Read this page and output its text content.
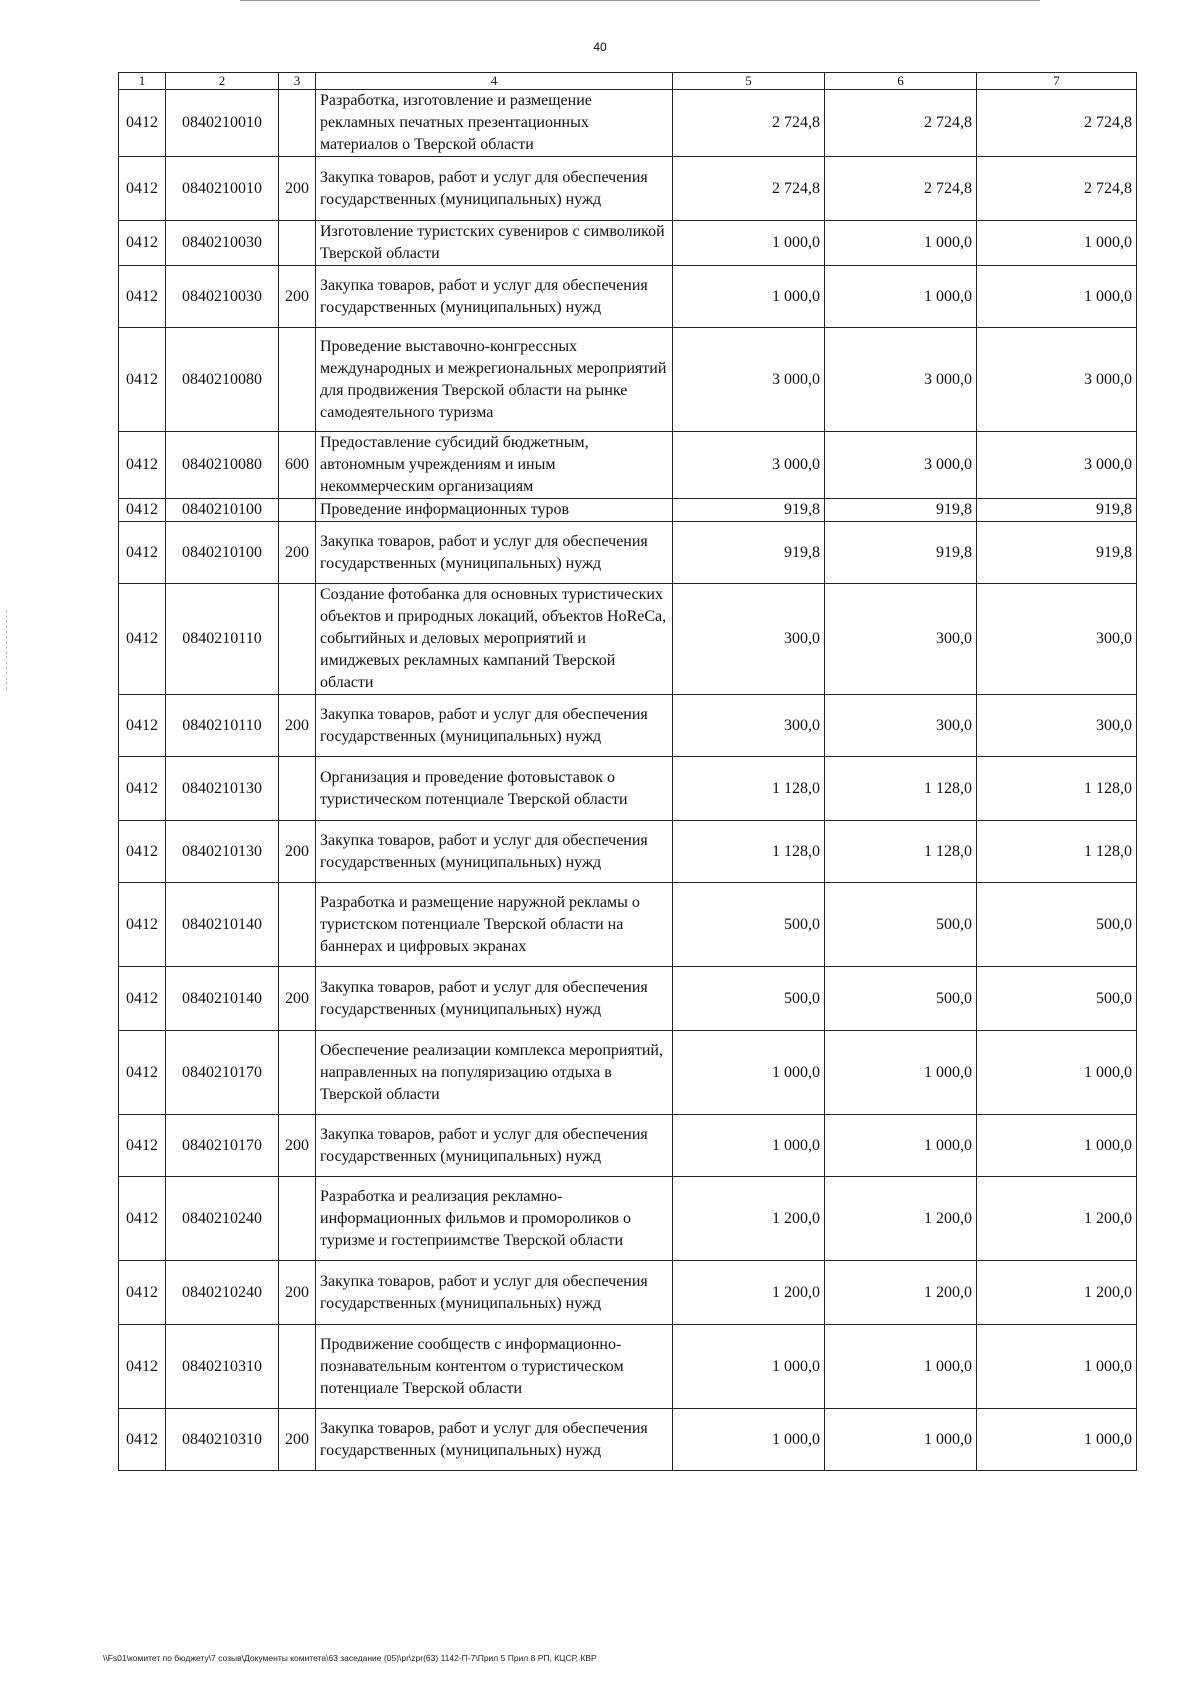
40
1	2	3	4	5	6	7
0412	0840210010		Разработка, изготовление и размещение рекламных печатных презентационных материалов о Тверской области	2 724,8	2 724,8	2 724,8
0412	0840210010	200	Закупка товаров, работ и услуг для обеспечения государственных (муниципальных) нужд	2 724,8	2 724,8	2 724,8
0412	0840210030		Изготовление туристских сувениров с символикой Тверской области	1 000,0	1 000,0	1 000,0
0412	0840210030	200	Закупка товаров, работ и услуг для обеспечения государственных (муниципальных) нужд	1 000,0	1 000,0	1 000,0
0412	0840210080		Проведение выставочно-конгрессных международных и межрегиональных мероприятий для продвижения Тверской области на рынке самодеятельного туризма	3 000,0	3 000,0	3 000,0
0412	0840210080	600	Предоставление субсидий бюджетным, автономным учреждениям и иным некоммерческим организациям	3 000,0	3 000,0	3 000,0
0412	0840210100		Проведение информационных туров	919,8	919,8	919,8
0412	0840210100	200	Закупка товаров, работ и услуг для обеспечения государственных (муниципальных) нужд	919,8	919,8	919,8
0412	0840210110		Создание фотобанка для основных туристических объектов и природных локаций, объектов HoReCa, событийных и деловых мероприятий и имиджевых рекламных кампаний Тверской области	300,0	300,0	300,0
0412	0840210110	200	Закупка товаров, работ и услуг для обеспечения государственных (муниципальных) нужд	300,0	300,0	300,0
0412	0840210130		Организация и проведение фотовыставок о туристическом потенциале Тверской области	1 128,0	1 128,0	1 128,0
0412	0840210130	200	Закупка товаров, работ и услуг для обеспечения государственных (муниципальных) нужд	1 128,0	1 128,0	1 128,0
0412	0840210140		Разработка и размещение наружной рекламы о туристском потенциале Тверской области на баннерах и цифровых экранах	500,0	500,0	500,0
0412	0840210140	200	Закупка товаров, работ и услуг для обеспечения государственных (муниципальных) нужд	500,0	500,0	500,0
0412	0840210170		Обеспечение реализации комплекса мероприятий, направленных на популяризацию отдыха в Тверской области	1 000,0	1 000,0	1 000,0
0412	0840210170	200	Закупка товаров, работ и услуг для обеспечения государственных (муниципальных) нужд	1 000,0	1 000,0	1 000,0
0412	0840210240		Разработка и реализация рекламно-информационных фильмов и промороликов о туризме и гостеприимстве Тверской области	1 200,0	1 200,0	1 200,0
0412	0840210240	200	Закупка товаров, работ и услуг для обеспечения государственных (муниципальных) нужд	1 200,0	1 200,0	1 200,0
0412	0840210310		Продвижение сообществ с информационно-познавательным контентом о туристическом потенциале Тверской области	1 000,0	1 000,0	1 000,0
0412	0840210310	200	Закупка товаров, работ и услуг для обеспечения государственных (муниципальных) нужд	1 000,0	1 000,0	1 000,0
\\Fs01\комитет по бюджету\7 созыв\Документы комитета\63 заседание (05)\pr\zpr(63) 1142-П-7\Прил 5 Прил 8 РП, КЦСР, КВР
